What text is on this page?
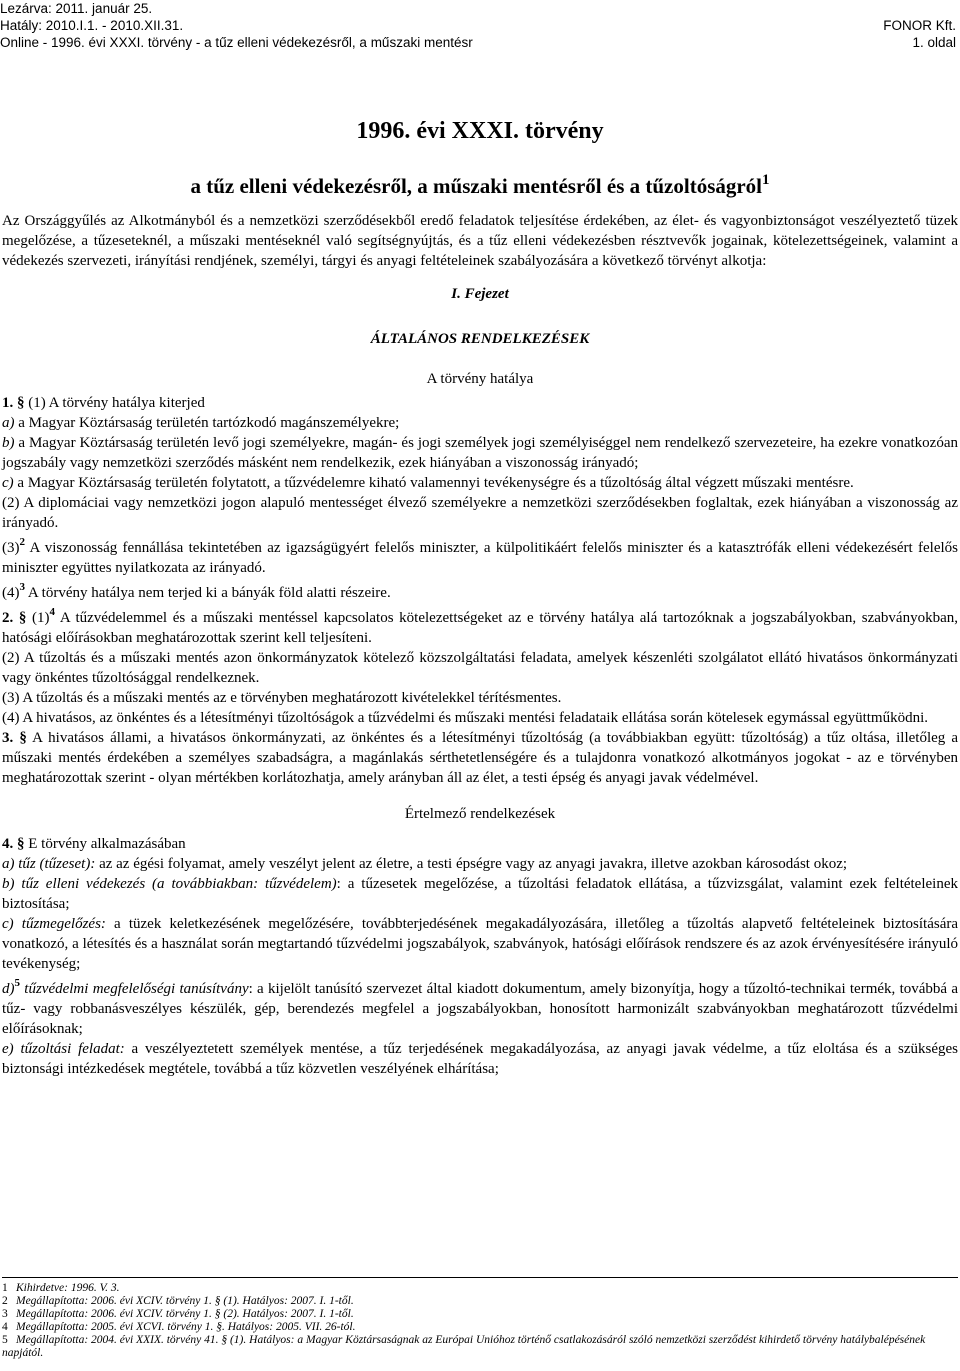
Lezárva: 2011. január 25.
Hatály: 2010.I.1. - 2010.XII.31.
Online - 1996. évi XXXI. törvény - a tűz elleni védekezésről, a műszaki mentésr
FONOR Kft.
1. oldal
1996. évi XXXI. törvény
a tűz elleni védekezésről, a műszaki mentésről és a tűzoltóságról$^1$

Az Országgyűlés az Alkotmányból és a nemzetközi szerződésekből eredő feladatok teljesítése érdekében, az élet- és vagyonbiztonságot veszélyeztető tüzek megelőzése, a tűzeseteknél, a műszaki mentéseknél való segítségnyújtás, és a tűz elleni védekezésben résztvevők jogainak, kötelezettségeinek, valamint a védekezés szervezeti, irányítási rendjének, személyi, tárgyi és anyagi feltételeinek szabályozására a következő törvényt alkotja:

I. Fejezet

ÁLTALÁNOS RENDELKEZÉSEK

A törvény hatálya

1. § (1) A törvény hatálya kiterjed

a) a Magyar Köztársaság területén tartózkodó magánszemélyekre;

b) a Magyar Köztársaság területén levő jogi személyekre, magán- és jogi személyek jogi személyiséggel nem rendelkező szervezeteire, ha ezekre vonatkozóan jogszabály vagy nemzetközi szerződés másként nem rendelkezik, ezek hiányában a viszonosság irányadó;

c) a Magyar Köztársaság területén folytatott, a tűzvédelemre kiható valamennyi tevékenységre és a tűzoltóság által végzett műszaki mentésre.

(2) A diplomáciai vagy nemzetközi jogon alapuló mentességet élvező személyekre a nemzetközi szerződésekben foglaltak, ezek hiányában a viszonosság az irányadó.

$(3)^2$ A viszonosság fennállása tekintetében az igazságügyért felelős miniszter, a külpolitikáért felelős miniszter és a katasztrófák elleni védekezésért felelős miniszter együttes nyilatkozata az irányadó.

$(4)^3$ A törvény hatálya nem terjed ki a bányák föld alatti részeire.

2. § $(1)^4$ A tűzvédelemmel és a műszaki mentéssel kapcsolatos kötelezettségeket az e törvény hatálya alá tartozóknak a jogszabályokban, szabványokban, hatósági előírásokban meghatározottak szerint kell teljesíteni.

(2) A tűzoltás és a műszaki mentés azon önkormányzatok kötelező közszolgáltatási feladata, amelyek készenléti szolgálatot ellátó hivatásos önkormányzati vagy önkéntes tűzoltósággal rendelkeznek.

(3) A tűzoltás és a műszaki mentés az e törvényben meghatározott kivételekkel térítésmentes.

(4) A hivatásos, az önkéntes és a létesítményi tűzoltóságok a tűzvédelmi és műszaki mentési feladataik ellátása során kötelesek egymással együttműködni.

3. § A hivatásos állami, a hivatásos önkormányzati, az önkéntes és a létesítményi tűzoltóság (a továbbiakban együtt: tűzoltóság) a tűz oltása, illetőleg a műszaki mentés érdekében a személyes szabadságra, a magánlakás sérthetetlenségére és a tulajdonra vonatkozó alkotmányos jogokat - az e törvényben meghatározottak szerint - olyan mértékben korlátozhatja, amely arányban áll az élet, a testi épség és anyagi javak védelmével.

Értelmező rendelkezések

4. § E törvény alkalmazásában

a) tűz (tűzeset): az az égési folyamat, amely veszélyt jelent az életre, a testi épségre vagy az anyagi javakra, illetve azokban károsodást okoz;

b) tűz elleni védekezés (a továbbiakban: tűzvédelem): a tűzesetek megelőzése, a tűzoltási feladatok ellátása, a tűzvizsgálat, valamint ezek feltételeinek biztosítása;

c) tűzmegelőzés: a tüzek keletkezésének megelőzésére, továbbterjedésének megakadályozására, illetőleg a tűzoltás alapvető feltételeinek biztosítására vonatkozó, a létesítés és a használat során megtartandó tűzvédelmi jogszabályok, szabványok, hatósági előírások rendszere és az azok érvényesítésére irányuló tevékenység;

d)$^5$ tűzvédelmi megfelelőségi tanúsítvány: a kijelölt tanúsító szervezet által kiadott dokumentum, amely bizonyítja, hogy a tűzoltó-technikai termék, továbbá a tűz- vagy robbanásveszélyes készülék, gép, berendezés megfelel a jogszabályokban, honosított harmonizált szabványokban meghatározott tűzvédelmi előírásoknak;

e) tűzoltási feladat: a veszélyeztetett személyek mentése, a tűz terjedésének megakadályozása, az anyagi javak védelme, a tűz eloltása és a szükséges biztonsági intézkedések megtétele, továbbá a tűz közvetlen veszélyének elhárítása;

1 Kihirdetve: 1996. V. 3.

2 Megállapította: 2006. évi XCIV. törvény 1. § (1). Hatályos: 2007. I. 1-től.

3 Megállapította: 2006. évi XCIV. törvény 1. § (2). Hatályos: 2007. I. 1-től.

4 Megállapította: 2005. évi XCVI. törvény 1. §. Hatályos: 2005. VII. 26-tól.

5 Megállapította: 2004. évi XXIX. törvény 41. § (1). Hatályos: a Magyar Köztársaságnak az Európai Unióhoz történő csatlakozásáról szóló nemzetközi szerződést kihirdető törvény hatálybalépésének napjától.
